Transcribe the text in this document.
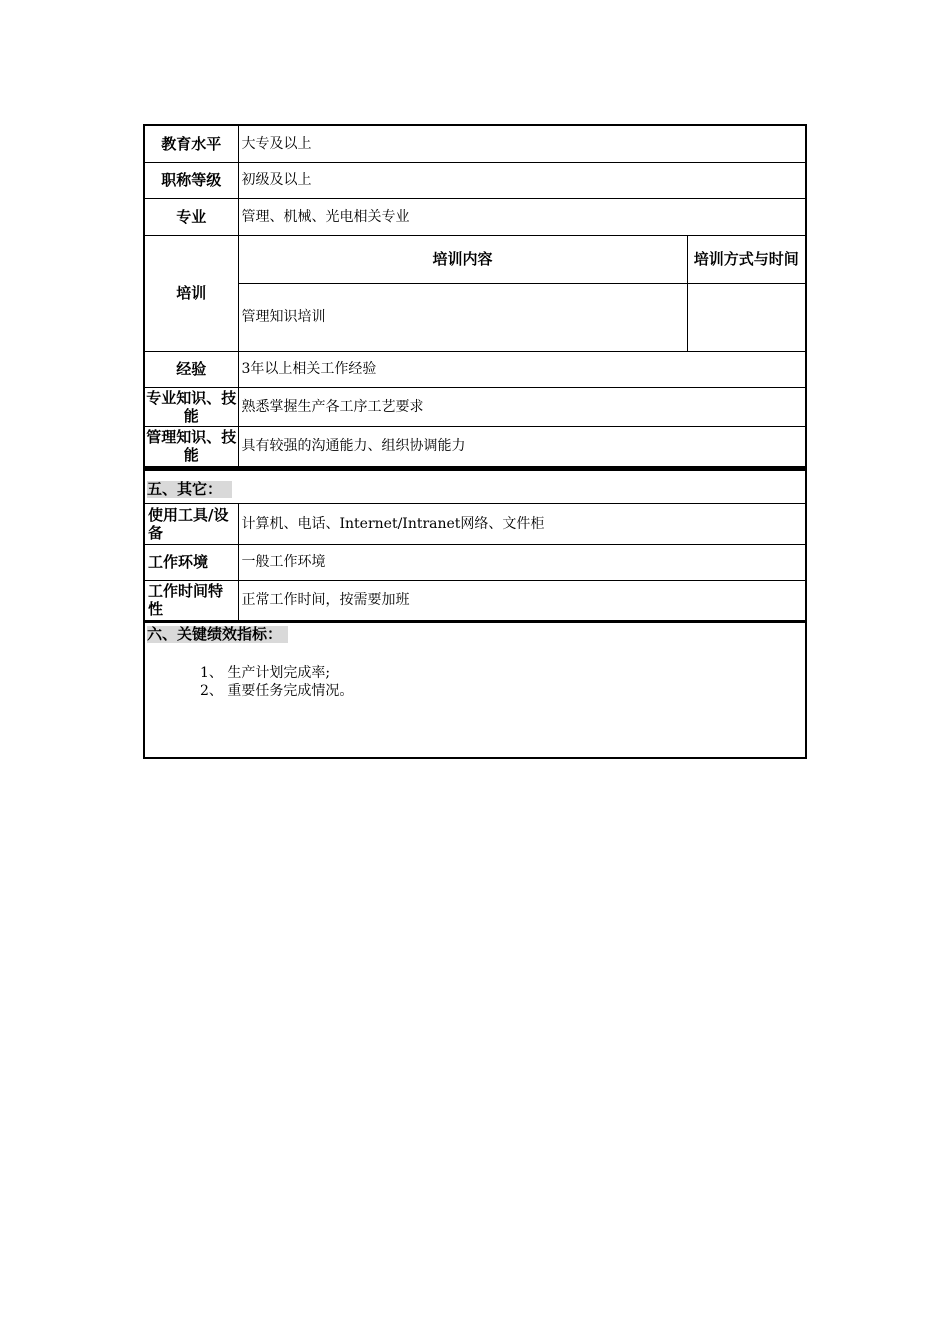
教育水平	大专及以上	
职称等级	初级及以上	
专业	管理、机械、光电相关专业	
培训	培训内容	培训方式与时间
	管理知识培训	
经验	3年以上相关工作经验	
专业知识、技能	熟悉掌握生产各工序工艺要求	
管理知识、技能	具有较强的沟通能力、组织协调能力	
五、其它：
使用工具/设备	计算机、电话、Internet/Intranet网络、文件柜
工作环境	一般工作环境
工作时间特性	正常工作时间，按需要加班
六、关键绩效指标：
1、 生产计划完成率;
2、 重要任务完成情况。
